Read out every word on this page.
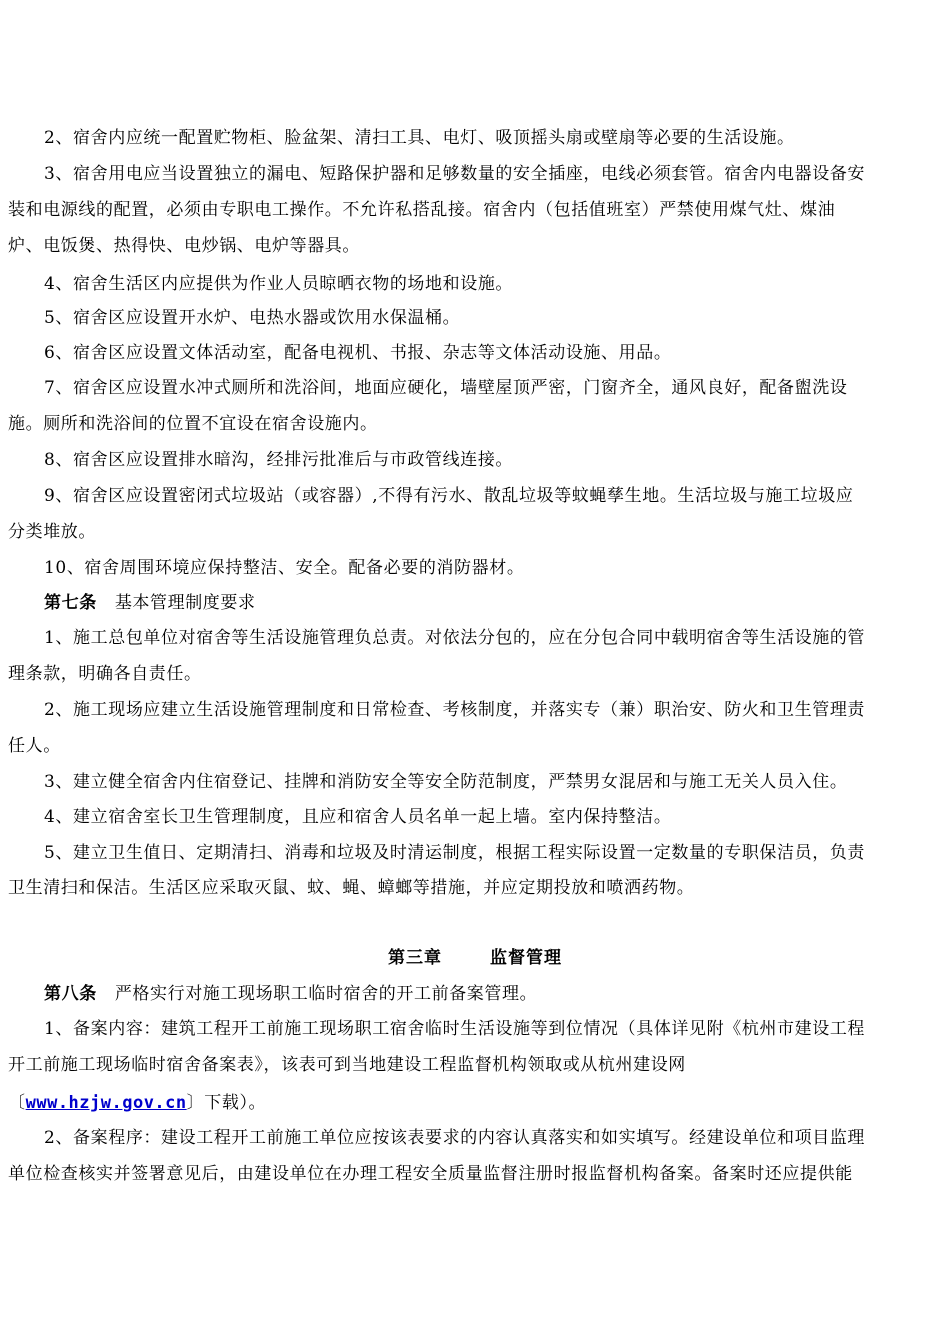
2、宿舍内应统一配置贮物柜、脸盆架、清扫工具、电灯、吸顶摇头扇或壁扇等必要的生活设施。
3、宿舍用电应当设置独立的漏电、短路保护器和足够数量的安全插座，电线必须套管。宿舍内电器设备安
装和电源线的配置，必须由专职电工操作。不允许私搭乱接。宿舍内（包括值班室）严禁使用煤气灶、煤油
炉、电饭煲、热得快、电炒锅、电炉等器具。
4、宿舍生活区内应提供为作业人员晾晒衣物的场地和设施。
5、宿舍区应设置开水炉、电热水器或饮用水保温桶。
6、宿舍区应设置文体活动室，配备电视机、书报、杂志等文体活动设施、用品。
7、宿舍区应设置水冲式厕所和洗浴间，地面应硬化，墙壁屋顶严密，门窗齐全，通风良好，配备盥洗设
施。厕所和洗浴间的位置不宜设在宿舍设施内。
8、宿舍区应设置排水暗沟，经排污批准后与市政管线连接。
9、宿舍区应设置密闭式垃圾站（或容器）,不得有污水、散乱垃圾等蚊蝇孳生地。生活垃圾与施工垃圾应
分类堆放。
10、宿舍周围环境应保持整洁、安全。配备必要的消防器材。
第七条 基本管理制度要求
1、施工总包单位对宿舍等生活设施管理负总责。对依法分包的，应在分包合同中载明宿舍等生活设施的管
理条款，明确各自责任。
2、施工现场应建立生活设施管理制度和日常检查、考核制度，并落实专（兼）职治安、防火和卫生管理责
任人。
3、建立健全宿舍内住宿登记、挂牌和消防安全等安全防范制度，严禁男女混居和与施工无关人员入住。
4、建立宿舍室长卫生管理制度，且应和宿舍人员名单一起上墙。室内保持整洁。
5、建立卫生值日、定期清扫、消毒和垃圾及时清运制度，根据工程实际设置一定数量的专职保洁员，负责
卫生清扫和保洁。生活区应采取灭鼠、蚊、蝇、蟑螂等措施，并应定期投放和喷洒药物。
第三章	监督管理
第八条 严格实行对施工现场职工临时宿舍的开工前备案管理。
1、备案内容：建筑工程开工前施工现场职工宿舍临时生活设施等到位情况（具体详见附《杭州市建设工程
开工前施工现场临时宿舍备案表》，该表可到当地建设工程监督机构领取或从杭州建设网
〔www.hzjw.gov.cn〕下载）。
2、备案程序：建设工程开工前施工单位应按该表要求的内容认真落实和如实填写。经建设单位和项目监理
单位检查核实并签署意见后，由建设单位在办理工程安全质量监督注册时报监督机构备案。备案时还应提供能
